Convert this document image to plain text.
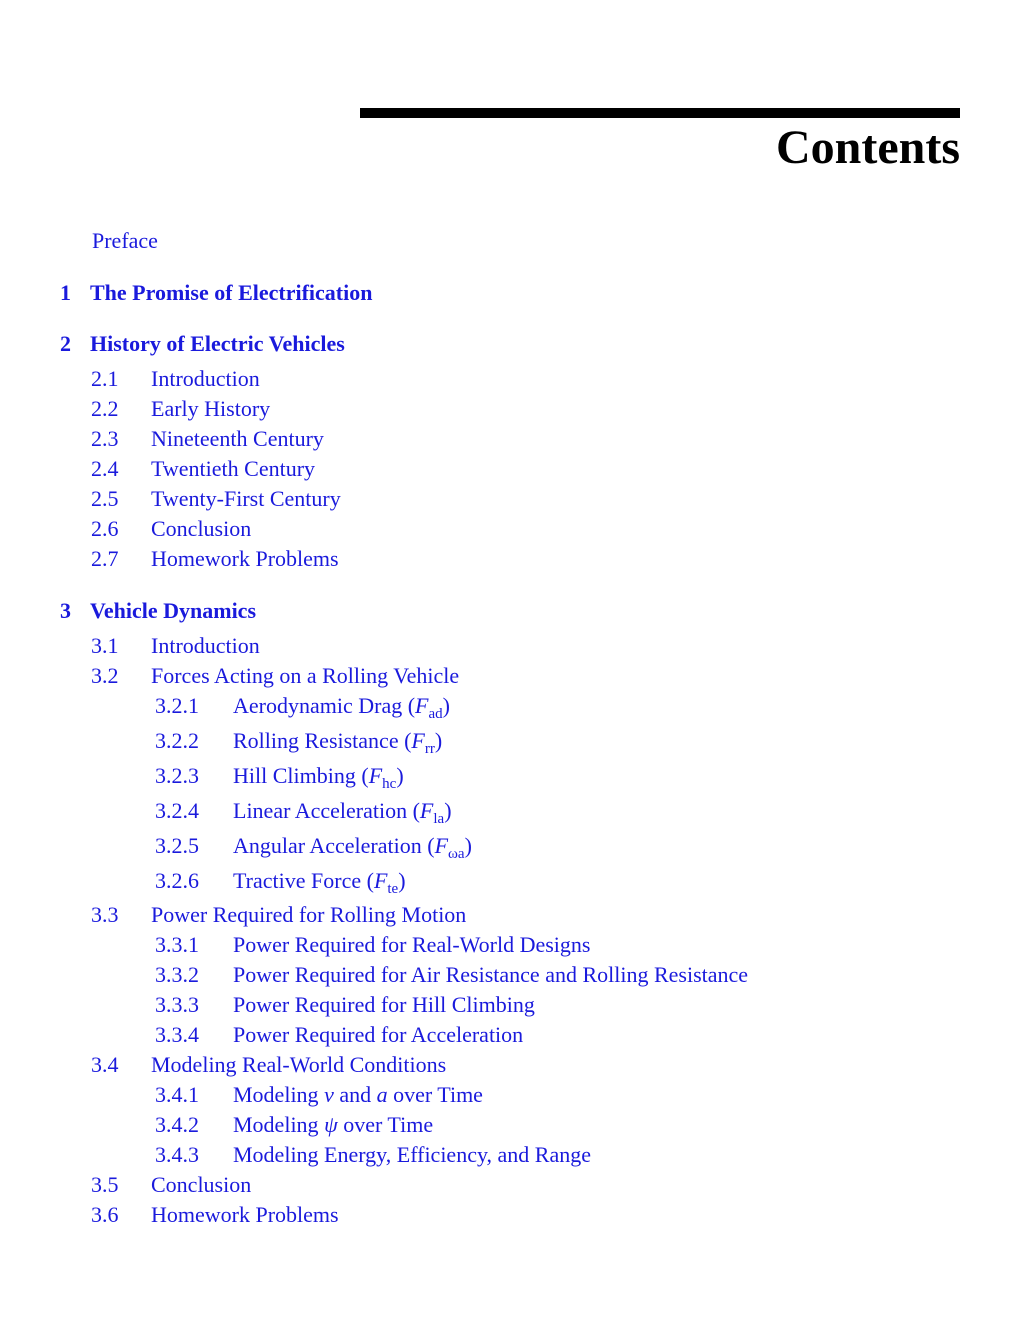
Contents
Preface
1 The Promise of Electrification
2 History of Electric Vehicles
2.1 Introduction
2.2 Early History
2.3 Nineteenth Century
2.4 Twentieth Century
2.5 Twenty-First Century
2.6 Conclusion
2.7 Homework Problems
3 Vehicle Dynamics
3.1 Introduction
3.2 Forces Acting on a Rolling Vehicle
3.2.1 Aerodynamic Drag $(F_{ad})$
3.2.2 Rolling Resistance $(F_{rr})$
3.2.3 Hill Climbing $(F_{hc})$
3.2.4 Linear Acceleration $(F_{la})$
3.2.5 Angular Acceleration $(F_{\omega a})$
3.2.6 Tractive Force $(F_{te})$
3.3 Power Required for Rolling Motion
3.3.1 Power Required for Real-World Designs
3.3.2 Power Required for Air Resistance and Rolling Resistance
3.3.3 Power Required for Hill Climbing
3.3.4 Power Required for Acceleration
3.4 Modeling Real-World Conditions
3.4.1 Modeling v and a over Time
3.4.2 Modeling ψ over Time
3.4.3 Modeling Energy, Efficiency, and Range
3.5 Conclusion
3.6 Homework Problems
